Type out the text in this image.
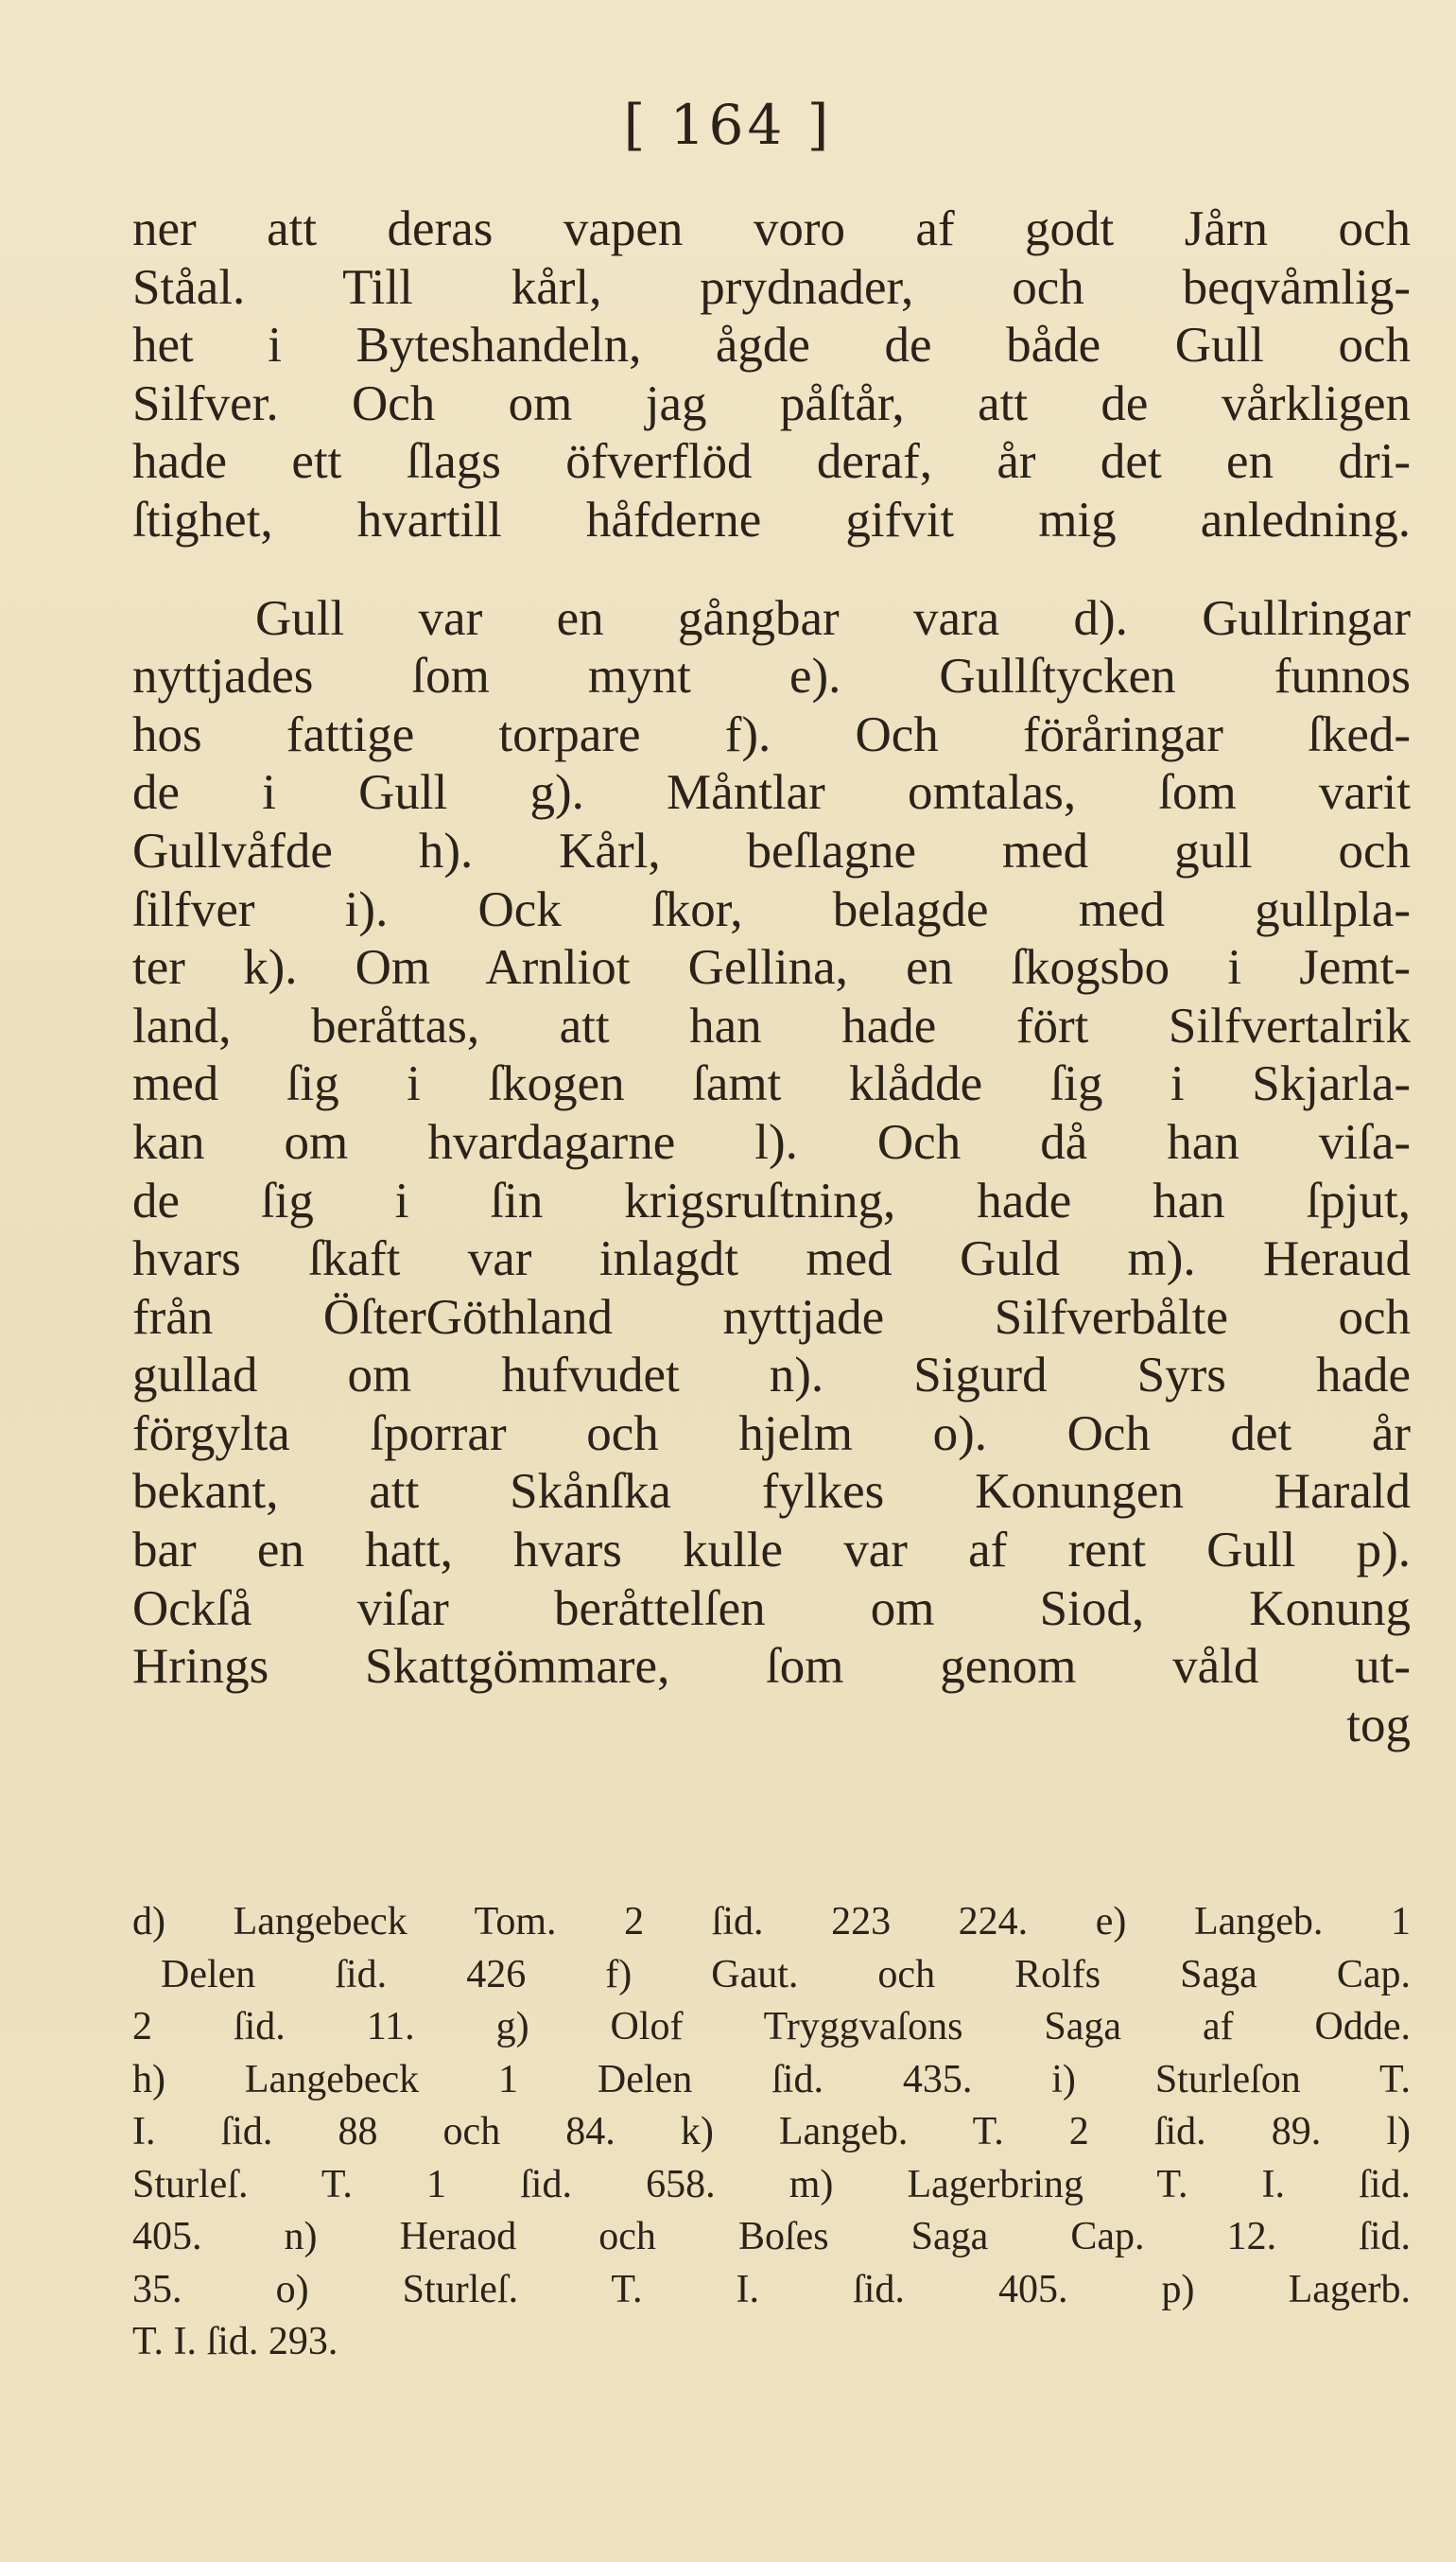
[ 164 ]
ner att deras vapen voro af godt Jårn och
Ståal. Till kårl, prydnader, och beqvåmlig-
het i Byteshandeln, ågde de både Gull och
Silfver. Och om jag påſtår, att de vårkligen
hade ett ſlags öfverflöd deraf, år det en dri-
ſtighet, hvartill håfderne gifvit mig anledning.
Gull var en gångbar vara d). Gullringar
nyttjades ſom mynt e). Gullſtycken funnos
hos fattige torpare f). Och föråringar ſked-
de i Gull g). Måntlar omtalas, ſom varit
Gullvåfde h). Kårl, beſlagne med gull och
ſilfver i). Ock ſkor, belagde med gullpla-
ter k). Om Arnliot Gellina, en ſkogsbo i Jemt-
land, beråttas, att han hade fört Silfvertalrik
med ſig i ſkogen ſamt klådde ſig i Skjarla-
kan om hvardagarne l). Och då han viſa-
de ſig i ſin krigsruſtning, hade han ſpjut,
hvars ſkaft var inlagdt med Guld m). Heraud
från ÖſterGöthland nyttjade Silfverbålte och
gullad om hufvudet n). Sigurd Syrs hade
förgylta ſporrar och hjelm o). Och det år
bekant, att Skånſka fylkes Konungen Harald
bar en hatt, hvars kulle var af rent Gull p).
Ockſå viſar beråttelſen om Siod, Konung
Hrings Skattgömmare, ſom genom våld ut-
tog
d) Langebeck Tom. 2 ſid. 223 224. e) Langeb. 1
Delen ſid. 426 f) Gaut. och Rolfs Saga Cap.
2 ſid. 11. g) Olof Tryggvaſons Saga af Odde.
h) Langebeck 1 Delen ſid. 435. i) Sturleſon T.
I. ſid. 88 och 84. k) Langeb. T. 2 ſid. 89. l)
Sturleſ. T. 1 ſid. 658. m) Lagerbring T. I. ſid.
405. n) Heraod och Boſes Saga Cap. 12. ſid.
35. o) Sturleſ. T. I. ſid. 405. p) Lagerb.
T. I. ſid. 293.
